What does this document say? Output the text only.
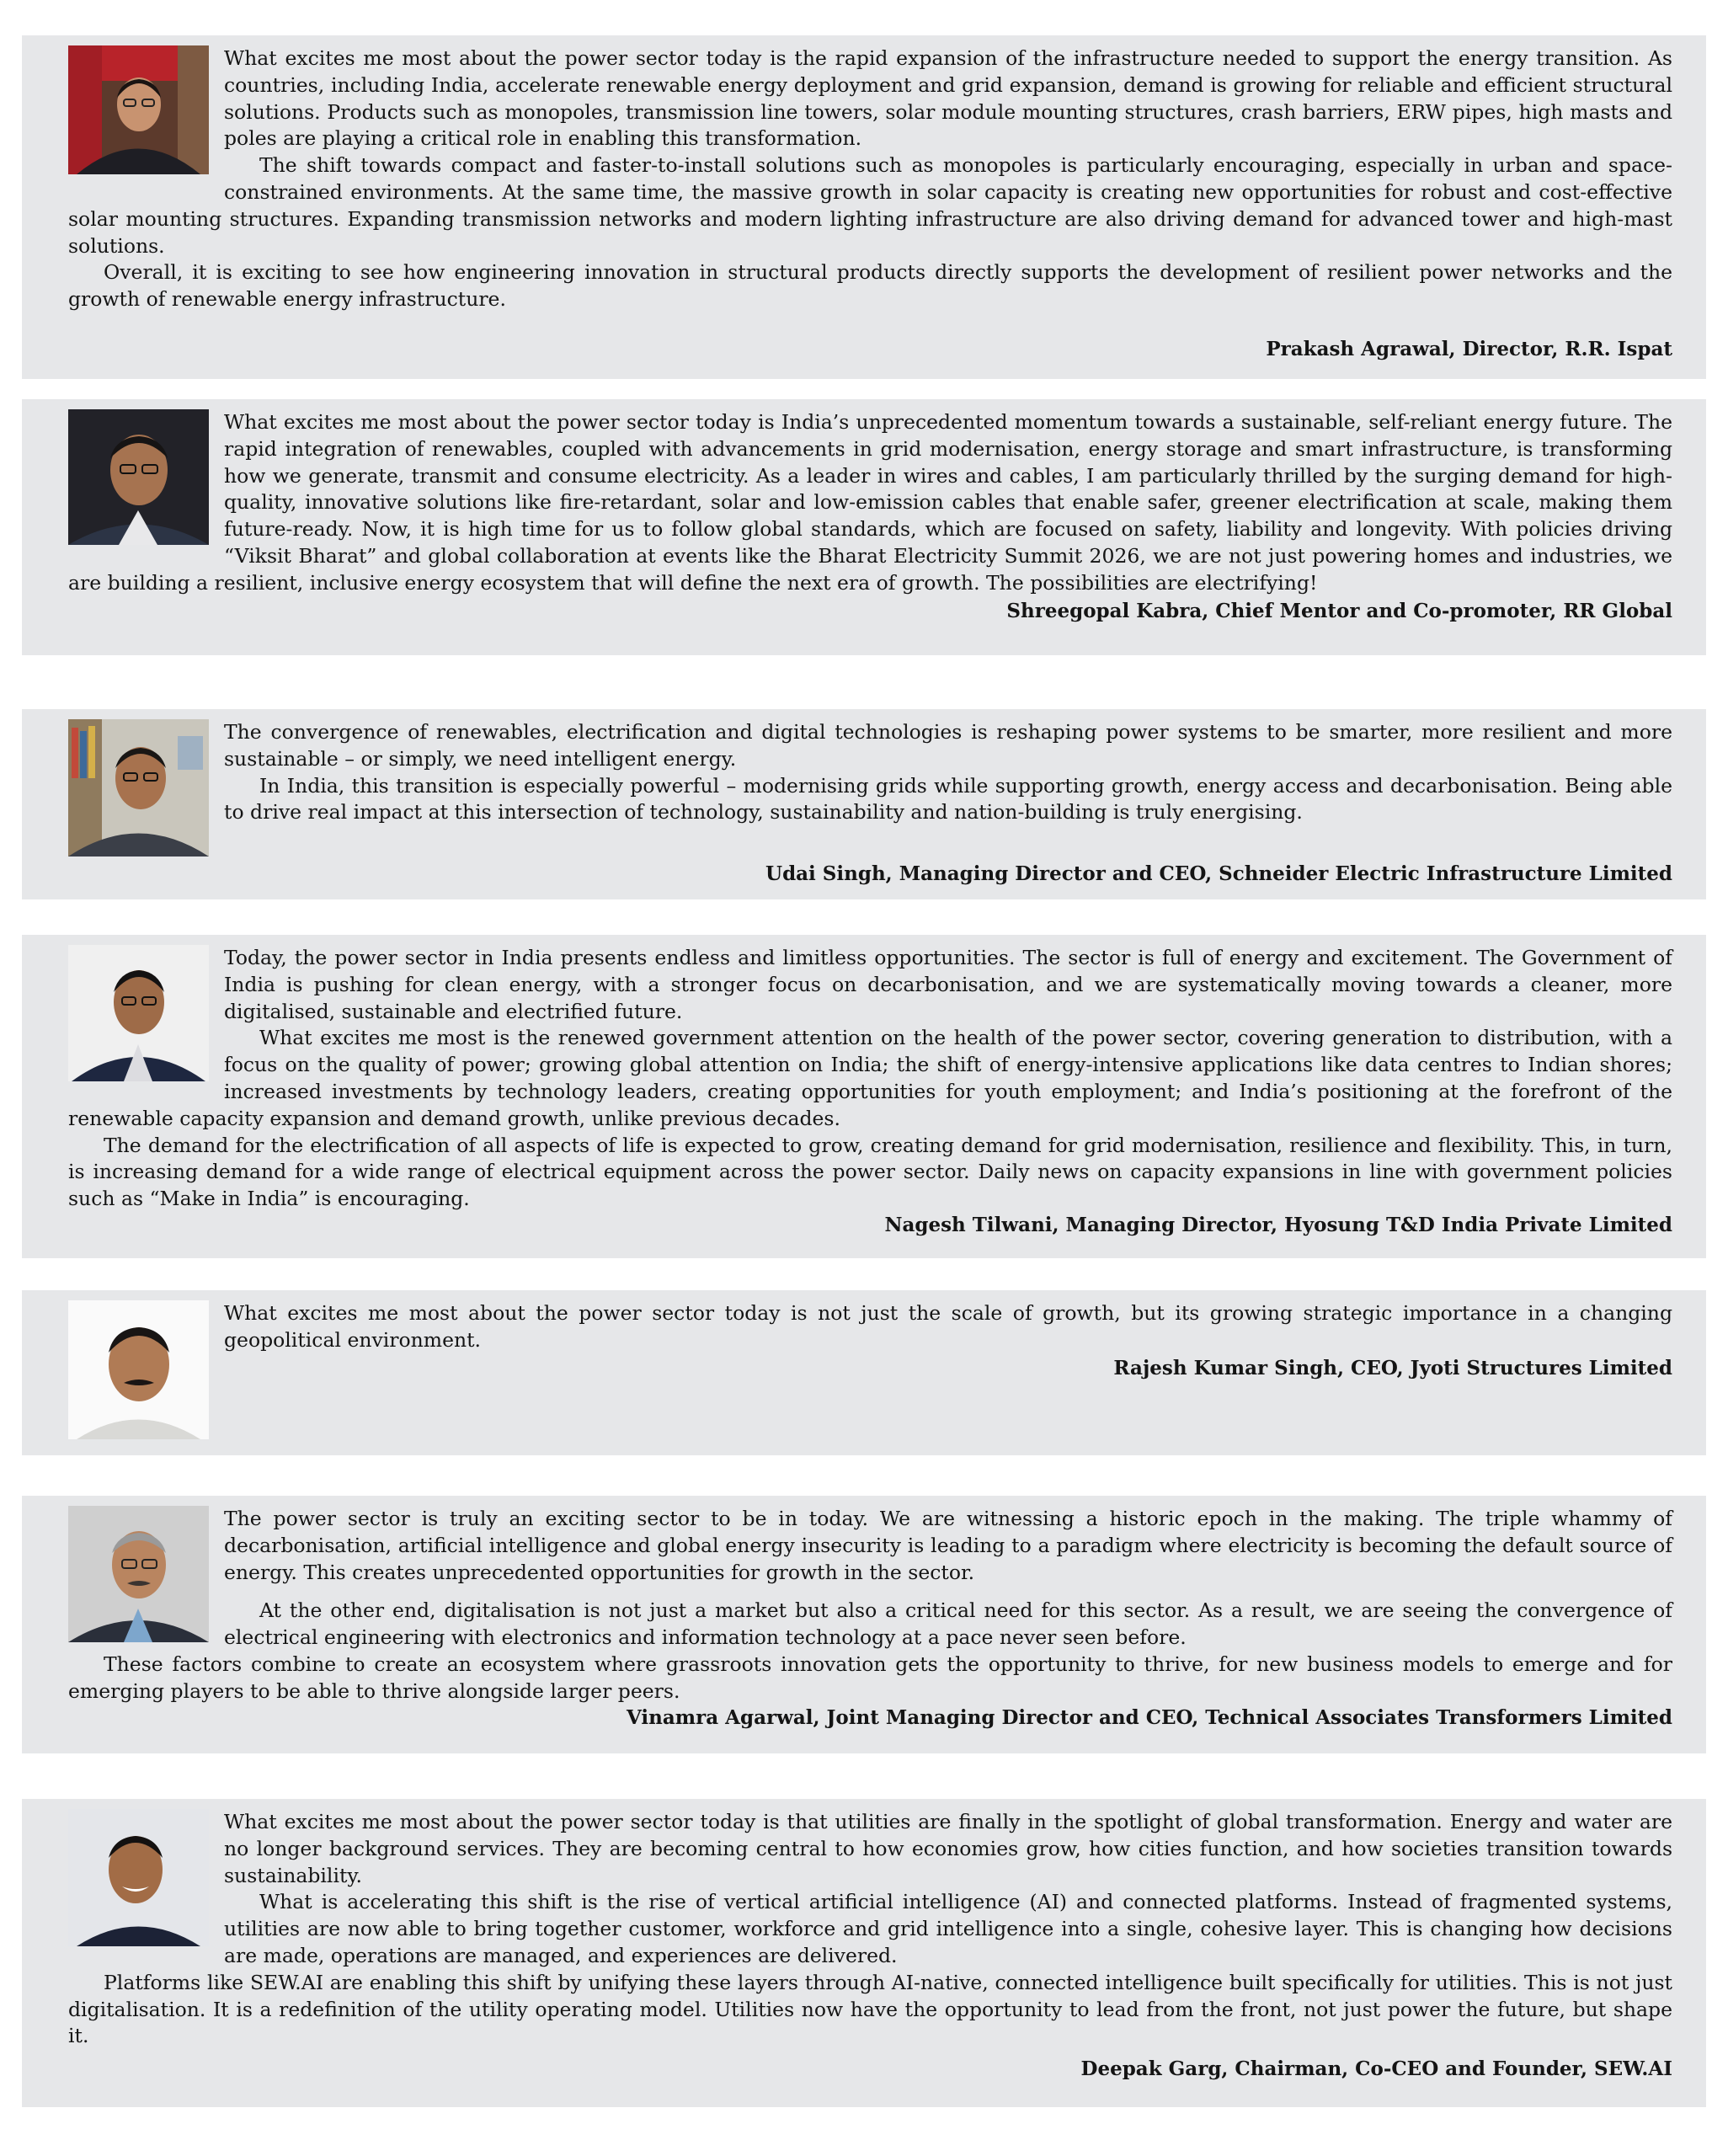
What excites me most about the power sector today is the rapid expansion of the infrastructure needed to support the energy transition. As countries, including India, accelerate renewable energy deployment and grid expansion, demand is growing for reliable and efficient structural solutions. Products such as monopoles, transmission line towers, solar module mounting structures, crash barriers, ERW pipes, high masts and poles are playing a critical role in enabling this transformation.

The shift towards compact and faster-to-install solutions such as monopoles is particularly encouraging, especially in urban and space-constrained environments. At the same time, the massive growth in solar capacity is creating new opportunities for robust and cost-effective solar mounting structures. Expanding transmission networks and modern lighting infrastructure are also driving demand for advanced tower and high-mast solutions.

Overall, it is exciting to see how engineering innovation in structural products directly supports the development of resilient power networks and the growth of renewable energy infrastructure.

Prakash Agrawal, Director, R.R. Ispat

What excites me most about the power sector today is India’s unprecedented momentum towards a sustainable, self-reliant energy future. The rapid integration of renewables, coupled with advancements in grid modernisation, energy storage and smart infrastructure, is transforming how we generate, transmit and consume electricity. As a leader in wires and cables, I am particularly thrilled by the surging demand for high-quality, innovative solutions like fire-retardant, solar and low-emission cables that enable safer, greener electrification at scale, making them future-ready. Now, it is high time for us to follow global standards, which are focused on safety, liability and longevity. With policies driving “Viksit Bharat” and global collaboration at events like the Bharat Electricity Summit 2026, we are not just powering homes and industries, we are building a resilient, inclusive energy ecosystem that will define the next era of growth. The possibilities are electrifying!

Shreegopal Kabra, Chief Mentor and Co-promoter, RR Global

The convergence of renewables, electrification and digital technologies is reshaping power systems to be smarter, more resilient and more sustainable – or simply, we need intelligent energy.

In India, this transition is especially powerful – modernising grids while supporting growth, energy access and decarbonisation. Being able to drive real impact at this intersection of technology, sustainability and nation-building is truly energising.

Udai Singh, Managing Director and CEO, Schneider Electric Infrastructure Limited

Today, the power sector in India presents endless and limitless opportunities. The sector is full of energy and excitement. The Government of India is pushing for clean energy, with a stronger focus on decarbonisation, and we are systematically moving towards a cleaner, more digitalised, sustainable and electrified future.

What excites me most is the renewed government attention on the health of the power sector, covering generation to distribution, with a focus on the quality of power; growing global attention on India; the shift of energy-intensive applications like data centres to Indian shores; increased investments by technology leaders, creating opportunities for youth employment; and India’s positioning at the forefront of the renewable capacity expansion and demand growth, unlike previous decades.

The demand for the electrification of all aspects of life is expected to grow, creating demand for grid modernisation, resilience and flexibility. This, in turn, is increasing demand for a wide range of electrical equipment across the power sector. Daily news on capacity expansions in line with government policies such as “Make in India” is encouraging.

Nagesh Tilwani, Managing Director, Hyosung T&D India Private Limited

What excites me most about the power sector today is not just the scale of growth, but its growing strategic importance in a changing geopolitical environment.

Rajesh Kumar Singh, CEO, Jyoti Structures Limited

The power sector is truly an exciting sector to be in today. We are witnessing a historic epoch in the making. The triple whammy of decarbonisation, artificial intelligence and global energy insecurity is leading to a paradigm where electricity is becoming the default source of energy. This creates unprecedented opportunities for growth in the sector.

At the other end, digitalisation is not just a market but also a critical need for this sector. As a result, we are seeing the convergence of electrical engineering with electronics and information technology at a pace never seen before.

These factors combine to create an ecosystem where grassroots innovation gets the opportunity to thrive, for new business models to emerge and for emerging players to be able to thrive alongside larger peers.

Vinamra Agarwal, Joint Managing Director and CEO, Technical Associates Transformers Limited

What excites me most about the power sector today is that utilities are finally in the spotlight of global transformation. Energy and water are no longer background services. They are becoming central to how economies grow, how cities function, and how societies transition towards sustainability.

What is accelerating this shift is the rise of vertical artificial intelligence (AI) and connected platforms. Instead of fragmented systems, utilities are now able to bring together customer, workforce and grid intelligence into a single, cohesive layer. This is changing how decisions are made, operations are managed, and experiences are delivered.

Platforms like SEW.AI are enabling this shift by unifying these layers through AI-native, connected intelligence built specifically for utilities. This is not just digitalisation. It is a redefinition of the utility operating model. Utilities now have the opportunity to lead from the front, not just power the future, but shape it.

Deepak Garg, Chairman, Co-CEO and Founder, SEW.AI
